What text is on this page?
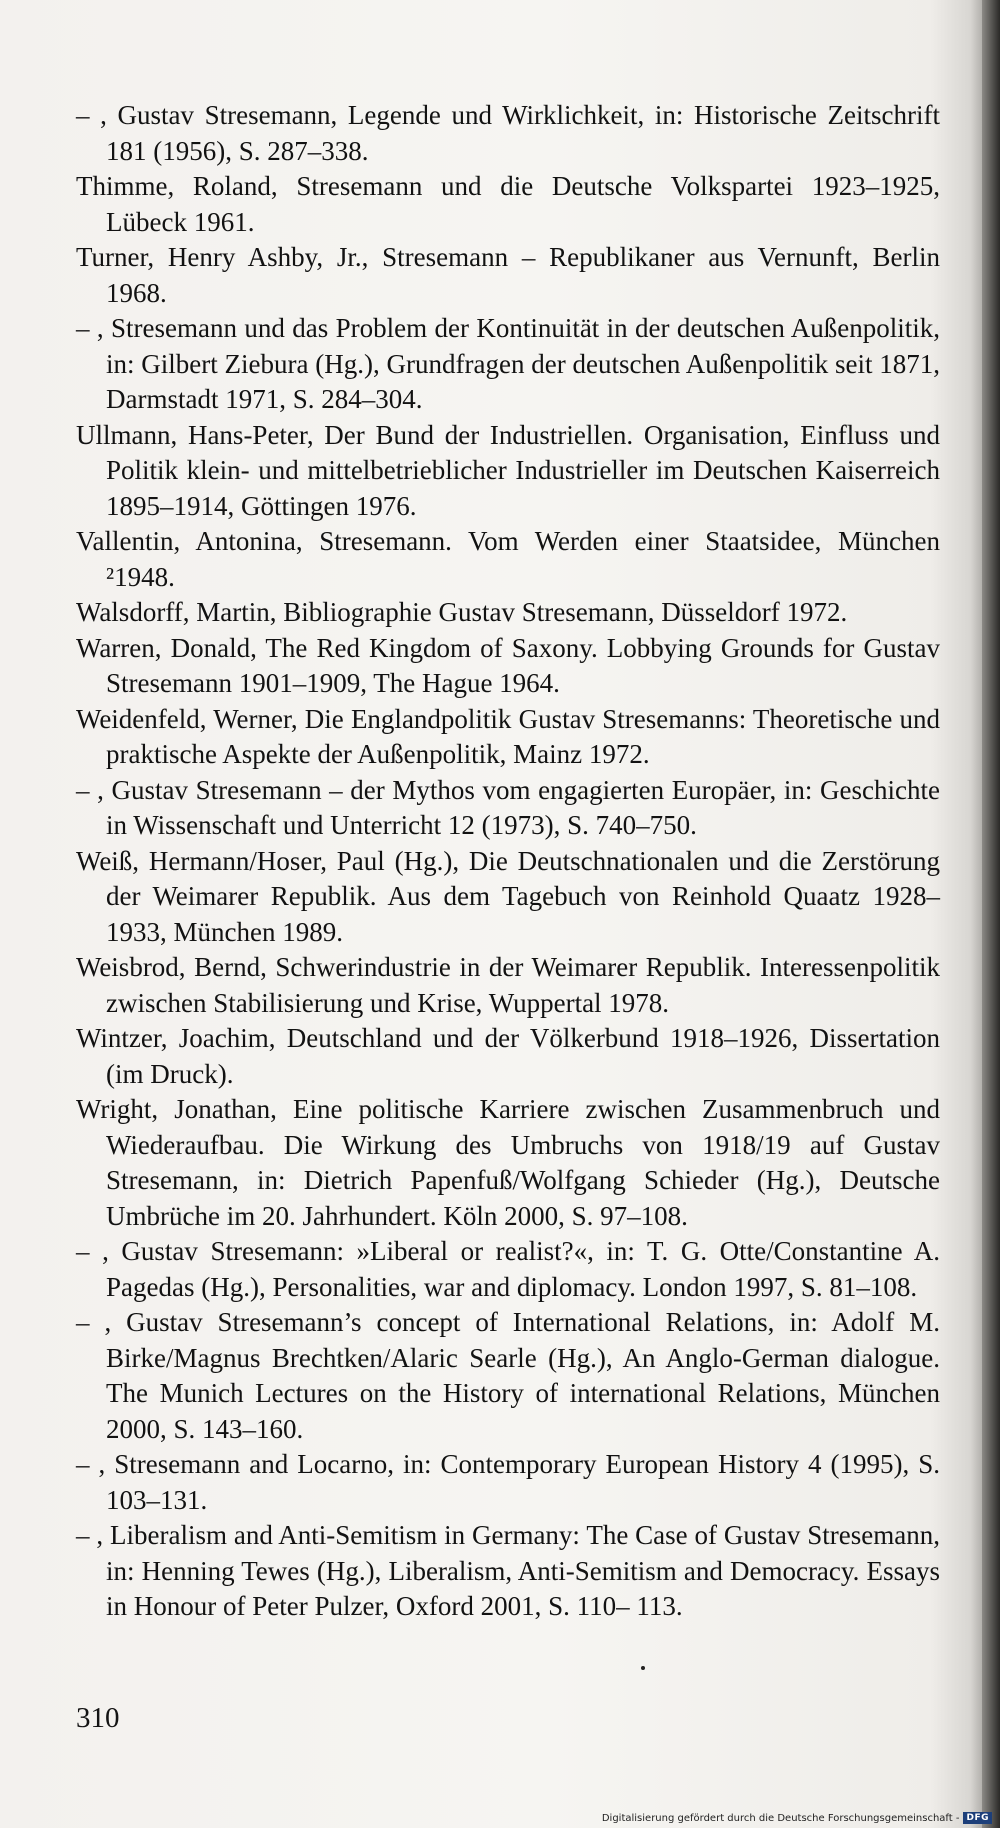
– , Gustav Stresemann, Legende und Wirklichkeit, in: Historische Zeitschrift 181 (1956), S. 287–338.
Thimme, Roland, Stresemann und die Deutsche Volkspartei 1923–1925, Lübeck 1961.
Turner, Henry Ashby, Jr., Stresemann – Republikaner aus Vernunft, Berlin 1968.
– , Stresemann und das Problem der Kontinuität in der deutschen Außenpolitik, in: Gilbert Ziebura (Hg.), Grundfragen der deutschen Außenpolitik seit 1871, Darmstadt 1971, S. 284–304.
Ullmann, Hans-Peter, Der Bund der Industriellen. Organisation, Einfluss und Politik klein- und mittelbetrieblicher Industrieller im Deutschen Kaiserreich 1895–1914, Göttingen 1976.
Vallentin, Antonina, Stresemann. Vom Werden einer Staatsidee, München ²1948.
Walsdorff, Martin, Bibliographie Gustav Stresemann, Düsseldorf 1972.
Warren, Donald, The Red Kingdom of Saxony. Lobbying Grounds for Gustav Stresemann 1901–1909, The Hague 1964.
Weidenfeld, Werner, Die Englandpolitik Gustav Stresemanns: Theoretische und praktische Aspekte der Außenpolitik, Mainz 1972.
– , Gustav Stresemann – der Mythos vom engagierten Europäer, in: Geschichte in Wissenschaft und Unterricht 12 (1973), S. 740–750.
Weiß, Hermann/Hoser, Paul (Hg.), Die Deutschnationalen und die Zerstörung der Weimarer Republik. Aus dem Tagebuch von Reinhold Quaatz 1928–1933, München 1989.
Weisbrod, Bernd, Schwerindustrie in der Weimarer Republik. Interessenpolitik zwischen Stabilisierung und Krise, Wuppertal 1978.
Wintzer, Joachim, Deutschland und der Völkerbund 1918–1926, Dissertation (im Druck).
Wright, Jonathan, Eine politische Karriere zwischen Zusammenbruch und Wiederaufbau. Die Wirkung des Umbruchs von 1918/19 auf Gustav Stresemann, in: Dietrich Papenfuß/Wolfgang Schieder (Hg.), Deutsche Umbrüche im 20. Jahrhundert. Köln 2000, S. 97–108.
– , Gustav Stresemann: »Liberal or realist?«, in: T. G. Otte/Constantine A. Pagedas (Hg.), Personalities, war and diplomacy. London 1997, S. 81–108.
– , Gustav Stresemann’s concept of International Relations, in: Adolf M. Birke/Magnus Brechtken/Alaric Searle (Hg.), An Anglo-German dialogue. The Munich Lectures on the History of international Relations, München 2000, S. 143–160.
– , Stresemann and Locarno, in: Contemporary European History 4 (1995), S. 103–131.
– , Liberalism and Anti-Semitism in Germany: The Case of Gustav Stresemann, in: Henning Tewes (Hg.), Liberalism, Anti-Semitism and Democracy. Essays in Honour of Peter Pulzer, Oxford 2001, S. 110– 113.
310
Digitalisierung gefördert durch die Deutsche Forschungsgemeinschaft - DFG
